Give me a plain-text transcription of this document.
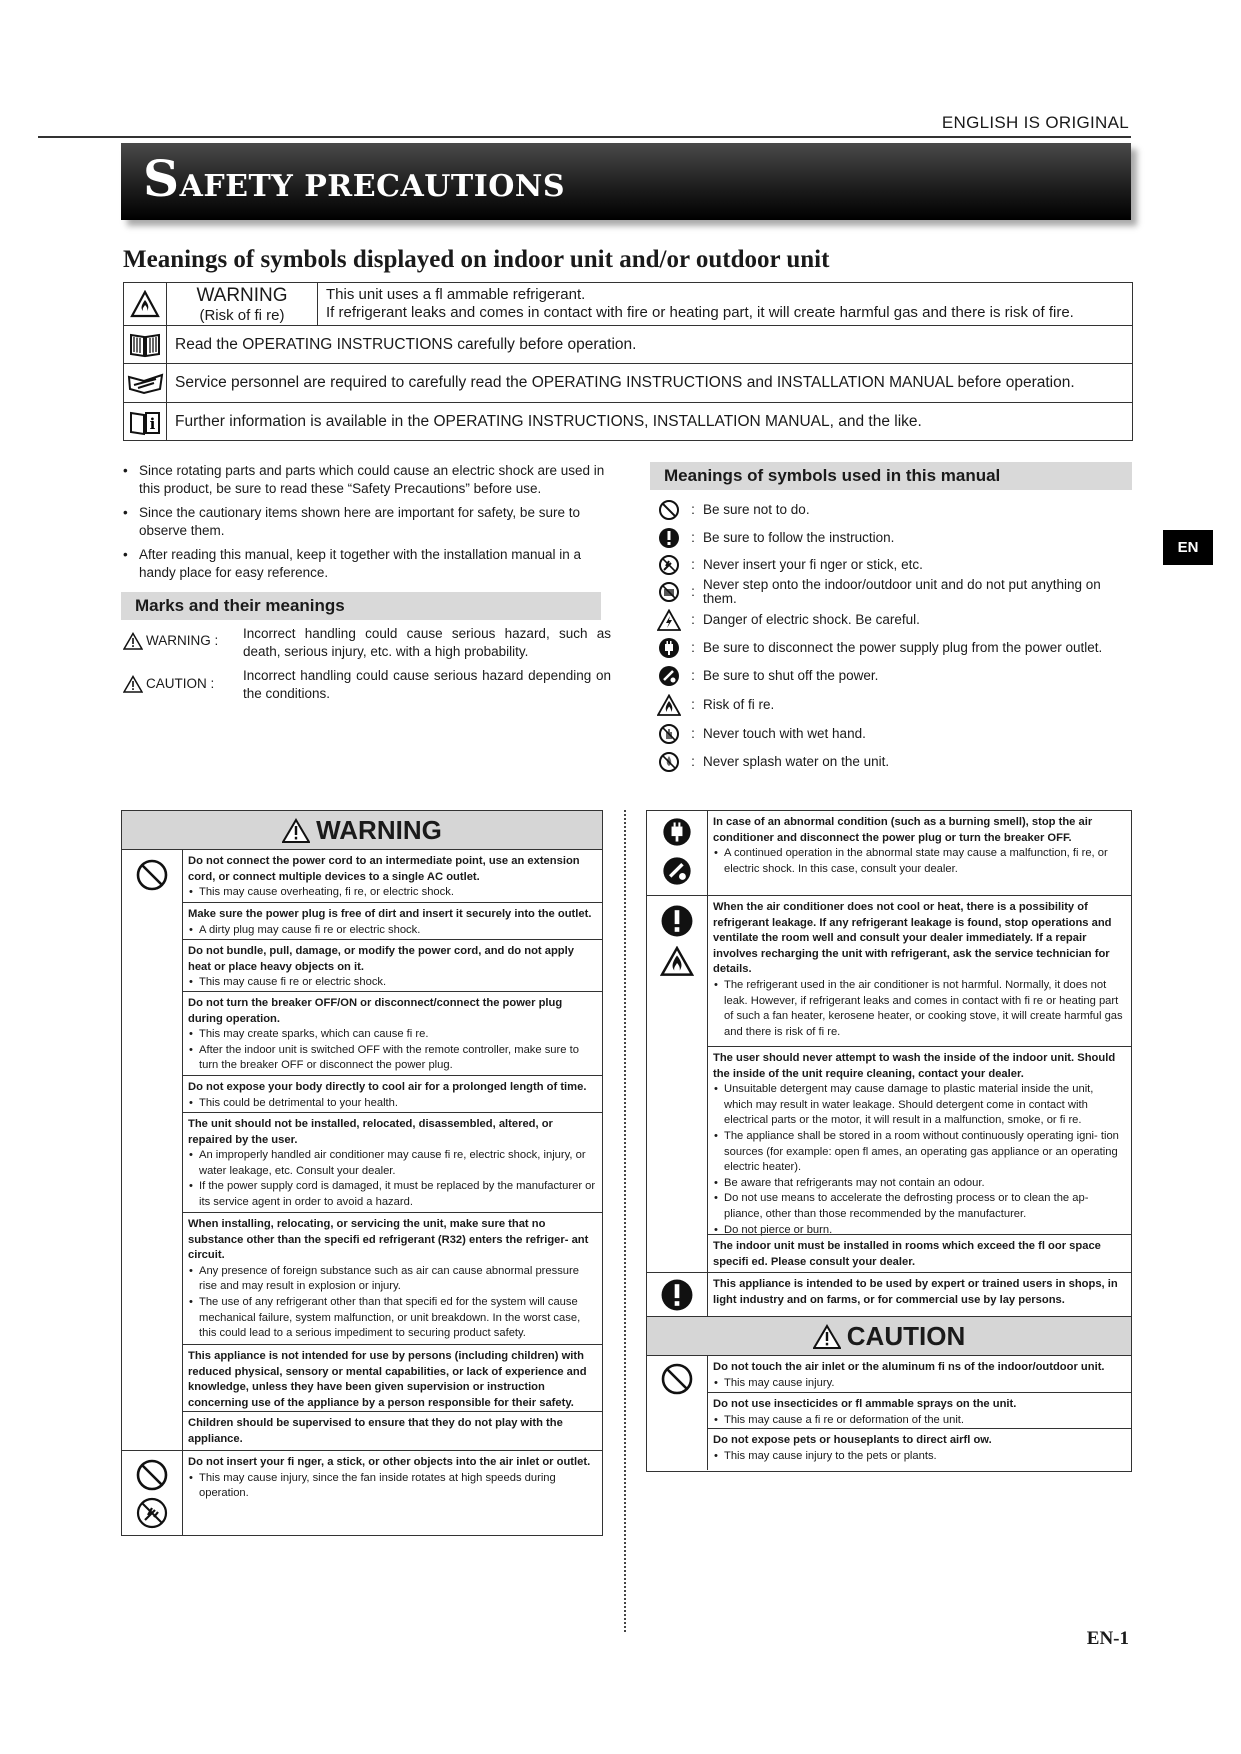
ENGLISH IS ORIGINAL
SAFETY PRECAUTIONS
Meanings of symbols displayed on indoor unit and/or outdoor unit
WARNING
(Risk of fi re)
This unit uses a fl ammable refrigerant.
If refrigerant leaks and comes in contact with fire or heating part, it will create harmful gas and there is risk of fire.
Read the OPERATING INSTRUCTIONS carefully before operation.
Service personnel are required to carefully read the OPERATING INSTRUCTIONS and INSTALLATION MANUAL before operation.
i	Further information is available in the OPERATING INSTRUCTIONS, INSTALLATION MANUAL, and the like.
• Since rotating parts and parts which could cause an electric shock are used in this product, be sure to read these “Safety Precautions” before use.
• Since the cautionary items shown here are important for safety, be sure to observe them.
• After reading this manual, keep it together with the installation manual in a handy place for easy reference.
Marks and their meanings
WARNING : Incorrect handling could cause serious hazard, such as death, serious injury, etc. with a high probability.
CAUTION :
Incorrect handling could cause serious hazard depending on the conditions.
Meanings of symbols used in this manual
: Be sure not to do.
: Be sure to follow the instruction.
: Never insert your fi nger or stick, etc.
: Never step onto the indoor/outdoor unit and do not put anything on them.
: Danger of electric shock. Be careful.
: Be sure to disconnect the power supply plug from the power outlet.
: Be sure to shut off the power.
: Risk of fi re.
: Never touch with wet hand.
: Never splash water on the unit.
EN
WARNING
Do not connect the power cord to an intermediate point, use an extension cord, or connect multiple devices to a single AC outlet.
• This may cause overheating, fi re, or electric shock.
Make sure the power plug is free of dirt and insert it securely into the outlet.
• A dirty plug may cause fi re or electric shock.
Do not bundle, pull, damage, or modify the power cord, and do not apply heat or place heavy objects on it.
• This may cause fi re or electric shock.
Do not turn the breaker OFF/ON or disconnect/connect the power plug during operation.
• This may create sparks, which can cause fi re.
• After the indoor unit is switched OFF with the remote controller, make sure to turn the breaker OFF or disconnect the power plug.
Do not expose your body directly to cool air for a prolonged length of time.
• This could be detrimental to your health.
The unit should not be installed, relocated, disassembled, altered, or repaired by the user.
• An improperly handled air conditioner may cause fi re, electric shock, injury, or water leakage, etc. Consult your dealer.
• If the power supply cord is damaged, it must be replaced by the manufacturer or its service agent in order to avoid a hazard.
When installing, relocating, or servicing the unit, make sure that no substance other than the specifi ed refrigerant (R32) enters the refriger- ant circuit.
• Any presence of foreign substance such as air can cause abnormal pressure rise and may result in explosion or injury.
• The use of any refrigerant other than that specifi ed for the system will cause mechanical failure, system malfunction, or unit breakdown. In the worst case, this could lead to a serious impediment to securing product safety.
This appliance is not intended for use by persons (including children) with reduced physical, sensory or mental capabilities, or lack of experience and knowledge, unless they have been given supervision or instruction concerning use of the appliance by a person responsible for their safety.
Children should be supervised to ensure that they do not play with the appliance.
Do not insert your fi nger, a stick, or other objects into the air inlet or outlet.
• This may cause injury, since the fan inside rotates at high speeds during operation.
In case of an abnormal condition (such as a burning smell), stop the air conditioner and disconnect the power plug or turn the breaker OFF.
• A continued operation in the abnormal state may cause a malfunction, fi re, or electric shock. In this case, consult your dealer.
When the air conditioner does not cool or heat, there is a possibility of refrigerant leakage. If any refrigerant leakage is found, stop operations and ventilate the room well and consult your dealer immediately. If a repair involves recharging the unit with refrigerant, ask the service technician for details.
• The refrigerant used in the air conditioner is not harmful. Normally, it does not leak. However, if refrigerant leaks and comes in contact with fi re or heating part of such a fan heater, kerosene heater, or cooking stove, it will create harmful gas and there is risk of fi re.
The user should never attempt to wash the inside of the indoor unit. Should the inside of the unit require cleaning, contact your dealer.
• Unsuitable detergent may cause damage to plastic material inside the unit, which may result in water leakage. Should detergent come in contact with electrical parts or the motor, it will result in a malfunction, smoke, or fi re.
• The appliance shall be stored in a room without continuously operating igni- tion sources (for example: open fl ames, an operating gas appliance or an operating electric heater).
• Be aware that refrigerants may not contain an odour.
• Do not use means to accelerate the defrosting process or to clean the ap- pliance, other than those recommended by the manufacturer.
• Do not pierce or burn.
The indoor unit must be installed in rooms which exceed the fl oor space specifi ed. Please consult your dealer.
This appliance is intended to be used by expert or trained users in shops, in light industry and on farms, or for commercial use by lay persons.
CAUTION
Do not touch the air inlet or the aluminum fi ns of the indoor/outdoor unit.
• This may cause injury.
Do not use insecticides or fl ammable sprays on the unit.
• This may cause a fi re or deformation of the unit.
Do not expose pets or houseplants to direct airfl ow.
• This may cause injury to the pets or plants.
EN-1
